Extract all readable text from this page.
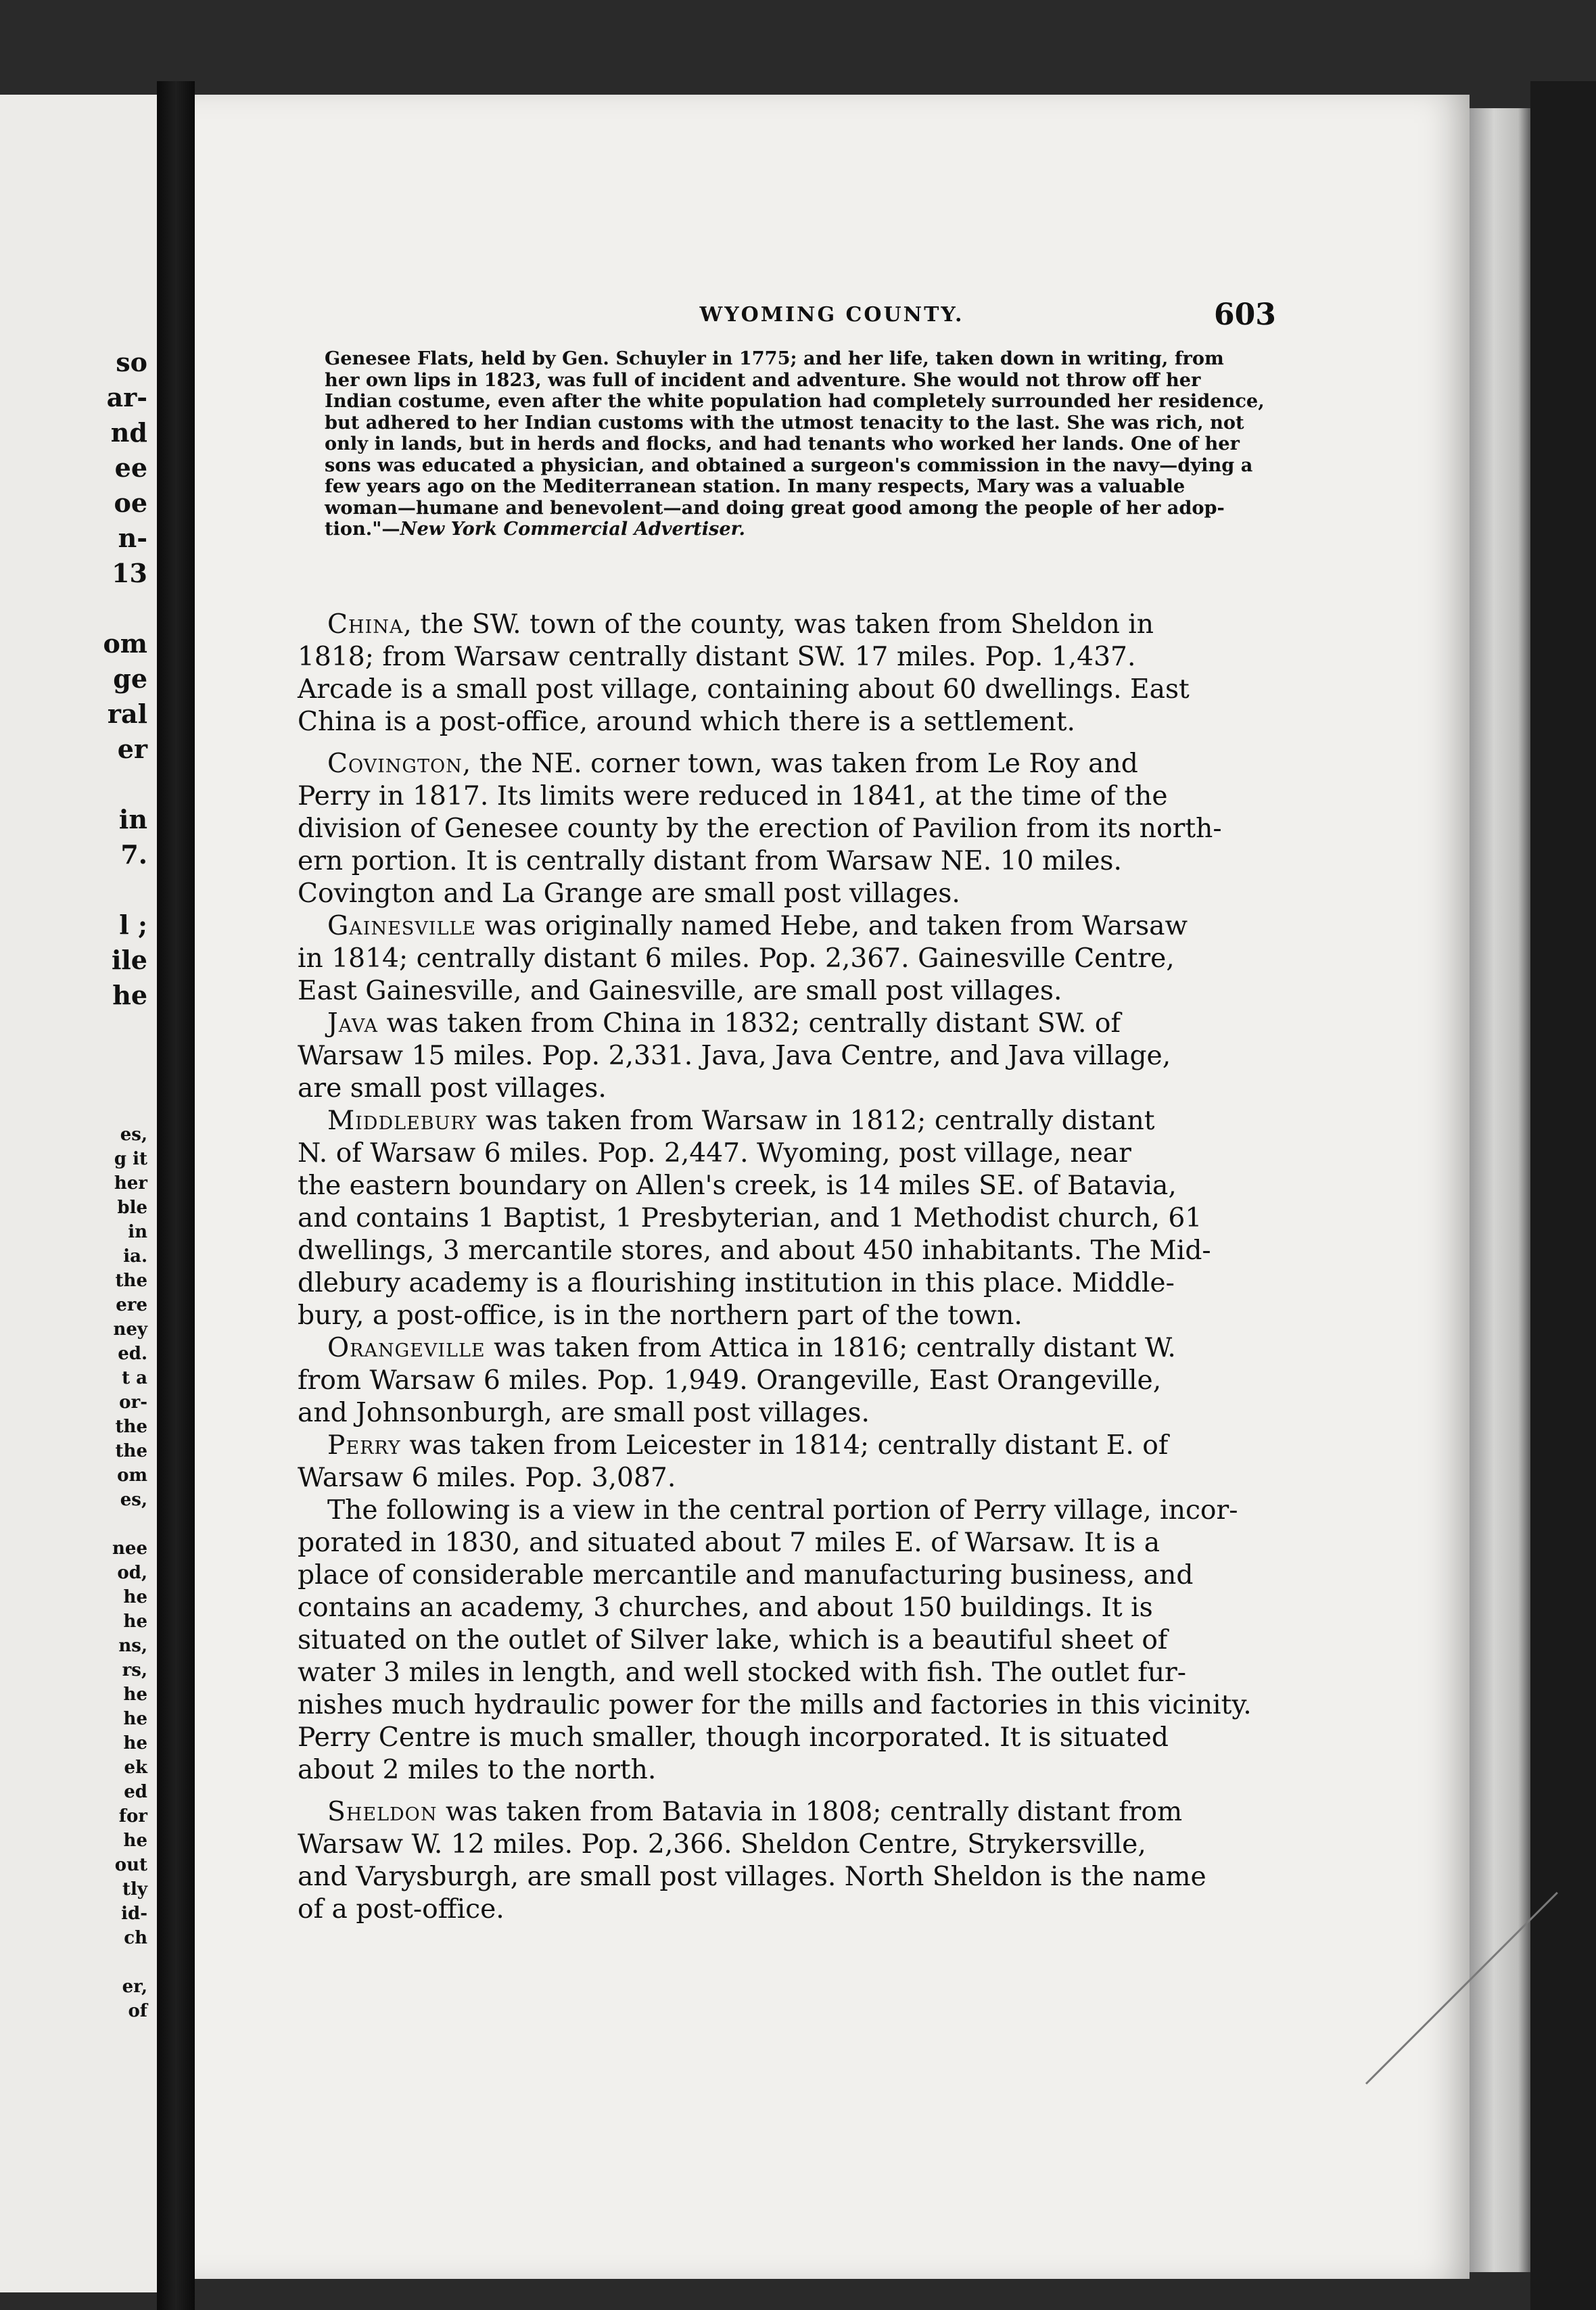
so
ar-
nd
ee
oe
n-
13

om
ge
ral
er

in
7.

l ;
ile
he
es,
g it
her
ble
in
ia.
the
ere
ney
ed.
t a
or-
the
the
om
es,

nee
od,
he
he
ns,
rs,
he
he
he
ek
ed
for
he
out
tly
id-
ch

er,
of
WYOMING COUNTY.	603
Genesee Flats, held by Gen. Schuyler in 1775; and her life, taken down in writing, from
her own lips in 1823, was full of incident and adventure. She would not throw off her
Indian costume, even after the white population had completely surrounded her residence,
but adhered to her Indian customs with the utmost tenacity to the last. She was rich, not
only in lands, but in herds and flocks, and had tenants who worked her lands. One of her
sons was educated a physician, and obtained a surgeon's commission in the navy—dying a
few years ago on the Mediterranean station. In many respects, Mary was a valuable
woman—humane and benevolent—and doing great good among the people of her adop-
tion."—New York Commercial Advertiser.
China, the SW. town of the county, was taken from Sheldon in
1818; from Warsaw centrally distant SW. 17 miles. Pop. 1,437.
Arcade is a small post village, containing about 60 dwellings. East
China is a post-office, around which there is a settlement.
Covington, the NE. corner town, was taken from Le Roy and
Perry in 1817. Its limits were reduced in 1841, at the time of the
division of Genesee county by the erection of Pavilion from its north-
ern portion. It is centrally distant from Warsaw NE. 10 miles.
Covington and La Grange are small post villages.
Gainesville was originally named Hebe, and taken from Warsaw
in 1814; centrally distant 6 miles. Pop. 2,367. Gainesville Centre,
East Gainesville, and Gainesville, are small post villages.
Java was taken from China in 1832; centrally distant SW. of
Warsaw 15 miles. Pop. 2,331. Java, Java Centre, and Java village,
are small post villages.
Middlebury was taken from Warsaw in 1812; centrally distant
N. of Warsaw 6 miles. Pop. 2,447. Wyoming, post village, near
the eastern boundary on Allen's creek, is 14 miles SE. of Batavia,
and contains 1 Baptist, 1 Presbyterian, and 1 Methodist church, 61
dwellings, 3 mercantile stores, and about 450 inhabitants. The Mid-
dlebury academy is a flourishing institution in this place. Middle-
bury, a post-office, is in the northern part of the town.
Orangeville was taken from Attica in 1816; centrally distant W.
from Warsaw 6 miles. Pop. 1,949. Orangeville, East Orangeville,
and Johnsonburgh, are small post villages.
Perry was taken from Leicester in 1814; centrally distant E. of
Warsaw 6 miles. Pop. 3,087.
The following is a view in the central portion of Perry village, incor-
porated in 1830, and situated about 7 miles E. of Warsaw. It is a
place of considerable mercantile and manufacturing business, and
contains an academy, 3 churches, and about 150 buildings. It is
situated on the outlet of Silver lake, which is a beautiful sheet of
water 3 miles in length, and well stocked with fish. The outlet fur-
nishes much hydraulic power for the mills and factories in this vicinity.
Perry Centre is much smaller, though incorporated. It is situated
about 2 miles to the north.
Sheldon was taken from Batavia in 1808; centrally distant from
Warsaw W. 12 miles. Pop. 2,366. Sheldon Centre, Strykersville,
and Varysburgh, are small post villages. North Sheldon is the name
of a post-office.
